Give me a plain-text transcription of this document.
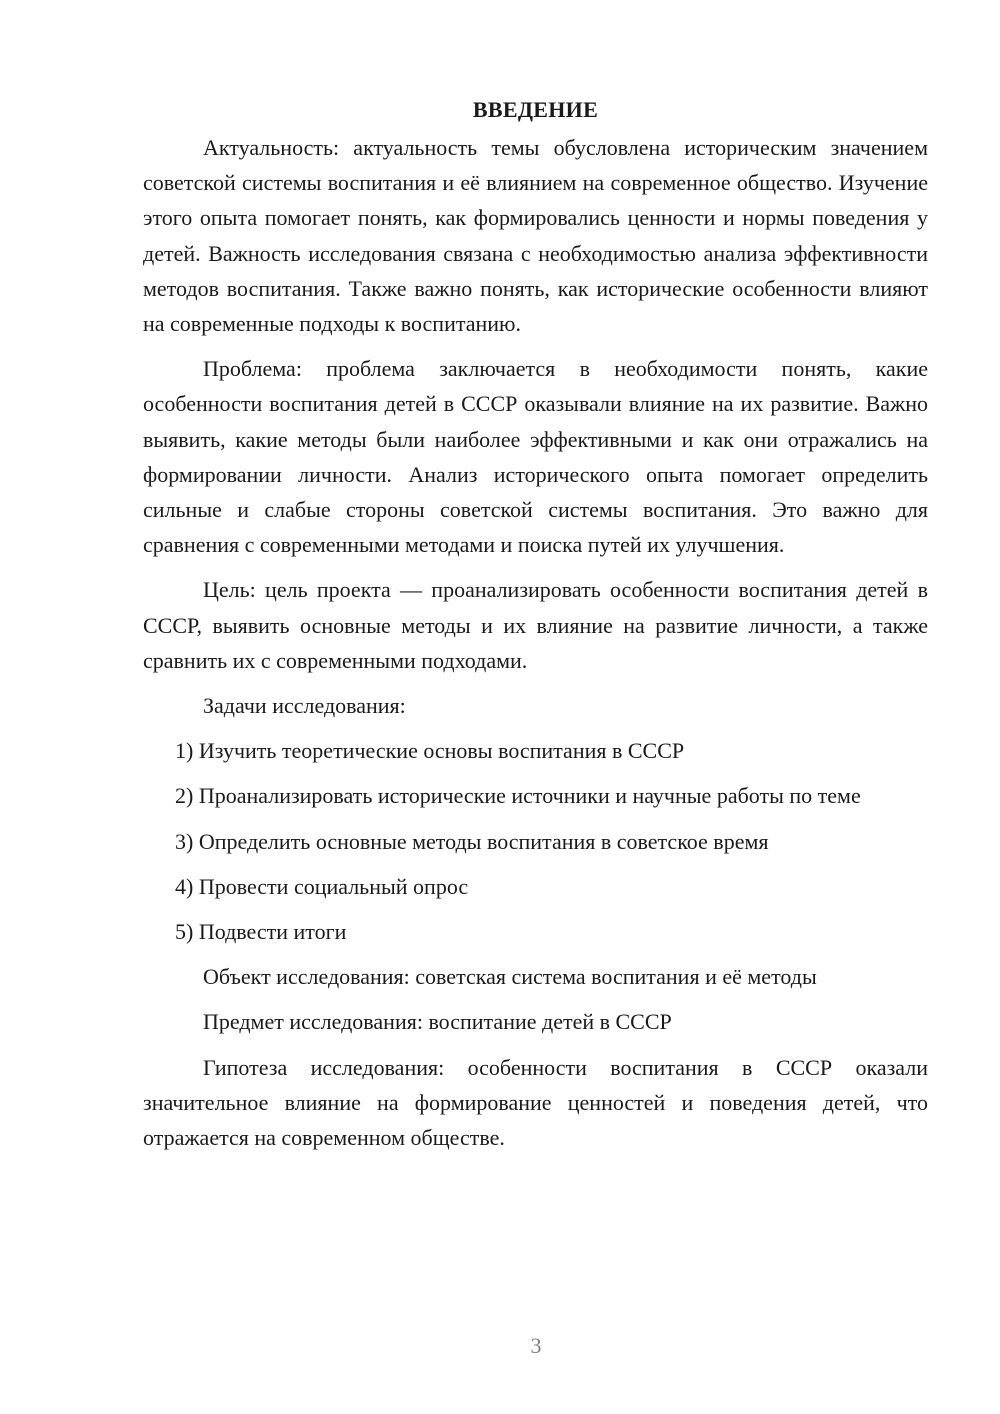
ВВЕДЕНИЕ

Актуальность: актуальность темы обусловлена историческим значением советской системы воспитания и её влиянием на современное общество. Изучение этого опыта помогает понять, как формировались ценности и нормы поведения у детей. Важность исследования связана с необходимостью анализа эффективности методов воспитания. Также важно понять, как исторические особенности влияют на современные подходы к воспитанию.

Проблема: проблема заключается в необходимости понять, какие особенности воспитания детей в СССР оказывали влияние на их развитие. Важно выявить, какие методы были наиболее эффективными и как они отражались на формировании личности. Анализ исторического опыта помогает определить сильные и слабые стороны советской системы воспитания. Это важно для сравнения с современными методами и поиска путей их улучшения.

Цель: цель проекта — проанализировать особенности воспитания детей в СССР, выявить основные методы и их влияние на развитие личности, а также сравнить их с современными подходами.

Задачи исследования:

1) Изучить теоретические основы воспитания в СССР

2) Проанализировать исторические источники и научные работы по теме

3) Определить основные методы воспитания в советское время

4) Провести социальный опрос

5) Подвести итоги

Объект исследования: советская система воспитания и её методы

Предмет исследования: воспитание детей в СССР

Гипотеза исследования: особенности воспитания в СССР оказали значительное влияние на формирование ценностей и поведения детей, что отражается на современном обществе.

3
